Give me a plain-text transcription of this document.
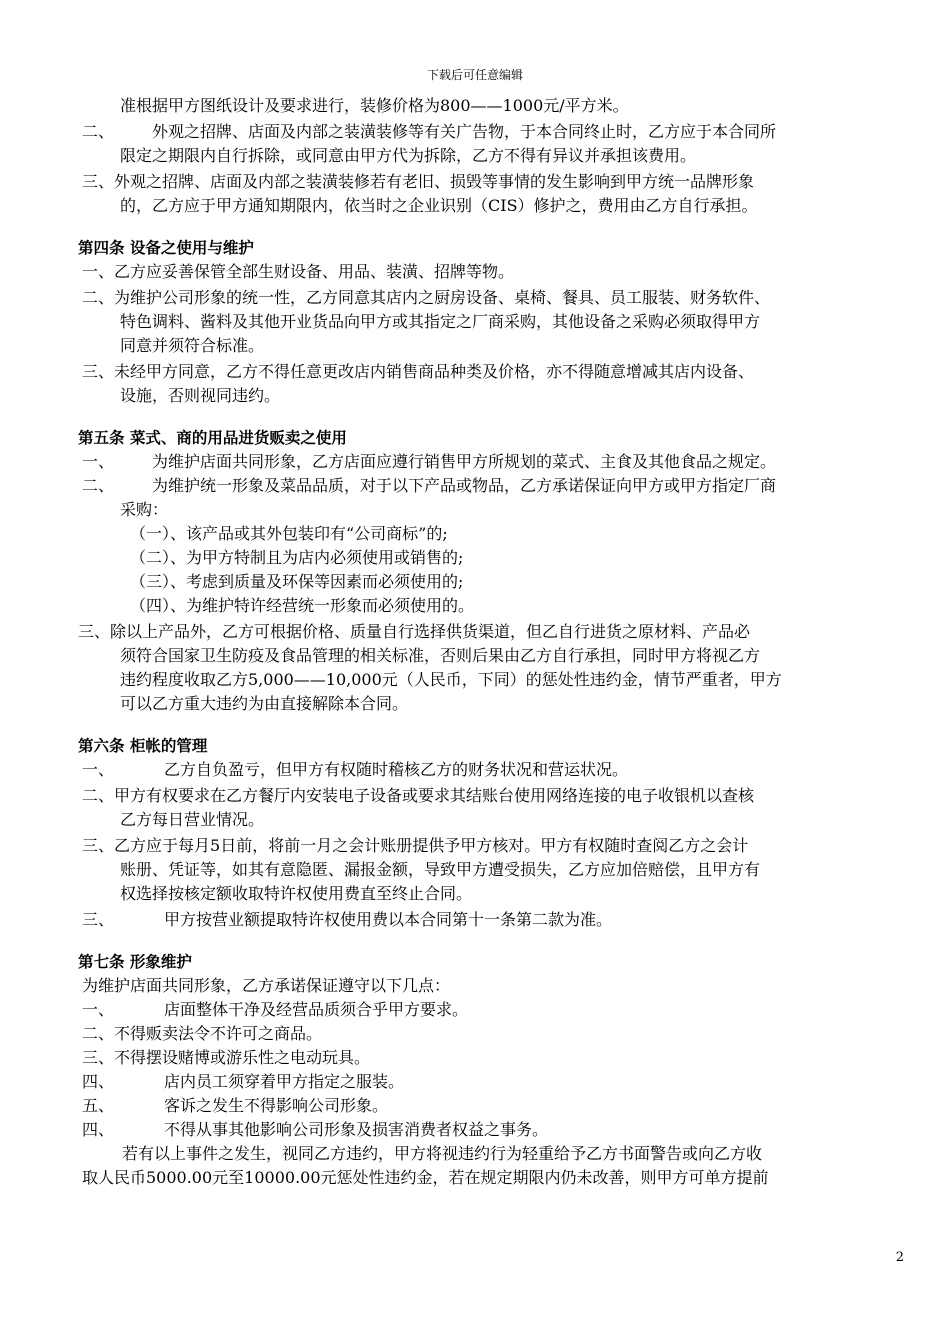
下载后可任意编辑
准根据甲方图纸设计及要求进行，装修价格为800——1000元/平方米。
二、 外观之招牌、店面及内部之装潢装修等有关广告物，于本合同终止时，乙方应于本合同所
限定之期限内自行拆除，或同意由甲方代为拆除，乙方不得有异议并承担该费用。
三、外观之招牌、店面及内部之装潢装修若有老旧、损毁等事情的发生影响到甲方统一品牌形象
的，乙方应于甲方通知期限内，依当时之企业识别（CIS）修护之，费用由乙方自行承担。
第四条 设备之使用与维护
一、乙方应妥善保管全部生财设备、用品、装潢、招牌等物。
二、为维护公司形象的统一性，乙方同意其店内之厨房设备、桌椅、餐具、员工服装、财务软件、
特色调料、酱料及其他开业货品向甲方或其指定之厂商采购，其他设备之采购必须取得甲方
同意并须符合标准。
三、未经甲方同意，乙方不得任意更改店内销售商品种类及价格，亦不得随意增减其店内设备、
设施，否则视同违约。
第五条 菜式、商的用品进货贩卖之使用
一、 为维护店面共同形象，乙方店面应遵行销售甲方所规划的菜式、主食及其他食品之规定。
二、 为维护统一形象及菜品品质，对于以下产品或物品，乙方承诺保证向甲方或甲方指定厂商
采购：
（一）、该产品或其外包装印有“公司商标”的;
（二）、为甲方特制且为店内必须使用或销售的;
（三）、考虑到质量及环保等因素而必须使用的;
（四）、为维护特许经营统一形象而必须使用的。
三、除以上产品外，乙方可根据价格、质量自行选择供货渠道，但乙自行进货之原材料、产品必
须符合国家卫生防疫及食品管理的相关标准，否则后果由乙方自行承担，同时甲方将视乙方
违约程度收取乙方5,000——10,000元（人民币，下同）的惩处性违约金，情节严重者，甲方
可以乙方重大违约为由直接解除本合同。
第六条 柜帐的管理
一、	乙方自负盈亏，但甲方有权随时稽核乙方的财务状况和营运状况。
二、甲方有权要求在乙方餐厅内安装电子设备或要求其结账台使用网络连接的电子收银机以查核
乙方每日营业情况。
三、乙方应于每月5日前，将前一月之会计账册提供予甲方核对。甲方有权随时查阅乙方之会计
账册、凭证等，如其有意隐匿、漏报金额，导致甲方遭受损失，乙方应加倍赔偿，且甲方有
权选择按核定额收取特许权使用费直至终止合同。
三、	甲方按营业额提取特许权使用费以本合同第十一条第二款为准。
第七条 形象维护
为维护店面共同形象，乙方承诺保证遵守以下几点：
一、	店面整体干净及经营品质须合乎甲方要求。
二、不得贩卖法令不许可之商品。
三、不得摆设赌博或游乐性之电动玩具。
四、	店内员工须穿着甲方指定之服装。
五、	客诉之发生不得影响公司形象。
四、	不得从事其他影响公司形象及损害消费者权益之事务。
若有以上事件之发生，视同乙方违约，甲方将视违约行为轻重给予乙方书面警告或向乙方收
取人民币5000.00元至10000.00元惩处性违约金，若在规定期限内仍未改善，则甲方可单方提前
2
